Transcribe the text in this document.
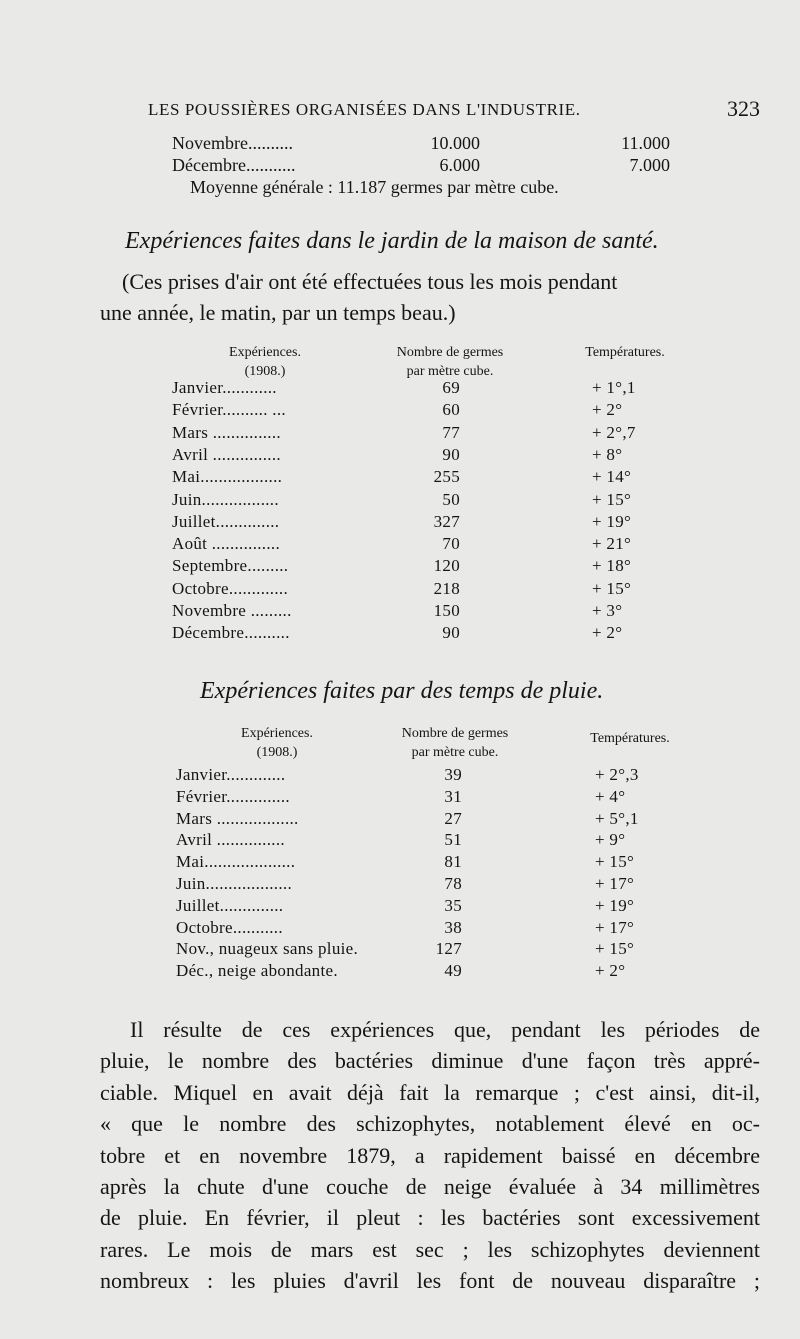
LES POUSSIÈRES ORGANISÉES DANS L'INDUSTRIE.	323
Novembre..........	10.000	11.000
Décembre...........	6.000	7.000
Moyenne générale : 11.187 germes par mètre cube.
Expériences faites dans le jardin de la maison de santé.
(Ces prises d'air ont été effectuées tous les mois pendant
une année, le matin, par un temps beau.)
Expériences.
(1908.)
Nombre de germes
par mètre cube.
Températures.
Janvier............	69	+ 1°,1
Février.......... ...	60	+ 2°
Mars ...............	77	+ 2°,7
Avril ...............	90	+ 8°
Mai..................	255	+ 14°
Juin.................	50	+ 15°
Juillet..............	327	+ 19°
Août ...............	70	+ 21°
Septembre.........	120	+ 18°
Octobre.............	218	+ 15°
Novembre .........	150	+ 3°
Décembre..........	90	+ 2°
Expériences faites par des temps de pluie.
Expériences.
(1908.)
Nombre de germes
par mètre cube.
Températures.
Janvier.............	39	+ 2°,3
Février..............	31	+ 4°
Mars ..................	27	+ 5°,1
Avril ...............	51	+ 9°
Mai....................	81	+ 15°
Juin...................	78	+ 17°
Juillet..............	35	+ 19°
Octobre...........	38	+ 17°
Nov., nuageux sans pluie.	127	+ 15°
Déc., neige abondante.	49	+ 2°
Il résulte de ces expériences que, pendant les périodes de
pluie, le nombre des bactéries diminue d'une façon très appré-
ciable. Miquel en avait déjà fait la remarque ; c'est ainsi, dit-il,
« que le nombre des schizophytes, notablement élevé en oc-
tobre et en novembre 1879, a rapidement baissé en décembre
après la chute d'une couche de neige évaluée à 34 millimètres
de pluie. En février, il pleut : les bactéries sont excessivement
rares. Le mois de mars est sec ; les schizophytes deviennent
nombreux : les pluies d'avril les font de nouveau disparaître ;
